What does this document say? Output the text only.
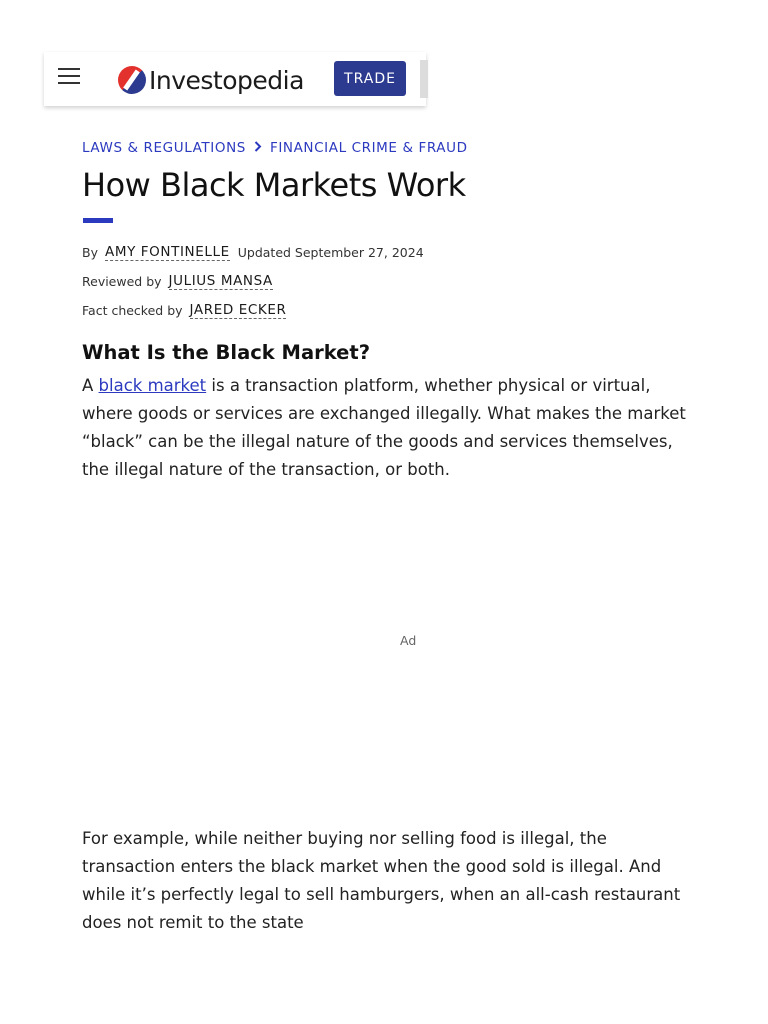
Investopedia	TRADE
LAWS & REGULATIONS FINANCIAL CRIME & FRAUD
How Black Markets Work
By AMY FONTINELLE Updated September 27, 2024
Reviewed by JULIUS MANSA
Fact checked by JARED ECKER
What Is the Black Market?

A black market is a transaction platform, whether physical or virtual, where goods or services are exchanged illegally. What makes the market “black” can be the illegal nature of the goods and services themselves, the illegal nature of the transaction, or both.

Ad

For example, while neither buying nor selling food is illegal, the transaction enters the black market when the good sold is illegal. And while it’s perfectly legal to sell hamburgers, when an all-cash restaurant does not remit to the state
